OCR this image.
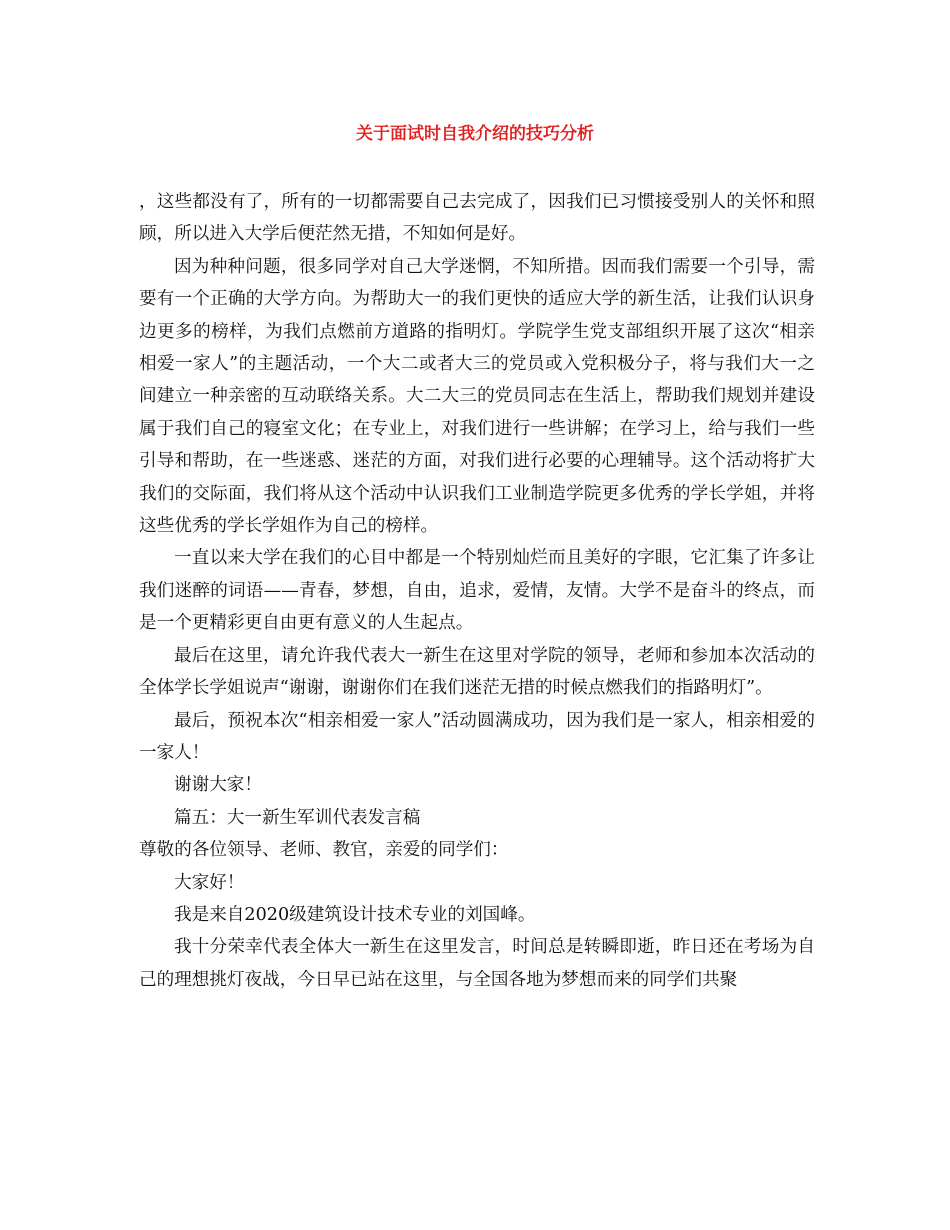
关于面试时自我介绍的技巧分析

，这些都没有了，所有的一切都需要自己去完成了，因我们已习惯接受别人的关怀和照顾，所以进入大学后便茫然无措，不知如何是好。

因为种种问题，很多同学对自己大学迷惘，不知所措。因而我们需要一个引导，需要有一个正确的大学方向。为帮助大一的我们更快的适应大学的新生活，让我们认识身边更多的榜样，为我们点燃前方道路的指明灯。学院学生党支部组织开展了这次“相亲相爱一家人”的主题活动，一个大二或者大三的党员或入党积极分子，将与我们大一之间建立一种亲密的互动联络关系。大二大三的党员同志在生活上，帮助我们规划并建设属于我们自己的寝室文化；在专业上，对我们进行一些讲解；在学习上，给与我们一些引导和帮助，在一些迷惑、迷茫的方面，对我们进行必要的心理辅导。这个活动将扩大我们的交际面，我们将从这个活动中认识我们工业制造学院更多优秀的学长学姐，并将这些优秀的学长学姐作为自己的榜样。

一直以来大学在我们的心目中都是一个特别灿烂而且美好的字眼，它汇集了许多让我们迷醉的词语——青春，梦想，自由，追求，爱情，友情。大学不是奋斗的终点，而是一个更精彩更自由更有意义的人生起点。

最后在这里，请允许我代表大一新生在这里对学院的领导，老师和参加本次活动的全体学长学姐说声“谢谢，谢谢你们在我们迷茫无措的时候点燃我们的指路明灯”。

最后，预祝本次“相亲相爱一家人”活动圆满成功，因为我们是一家人，相亲相爱的一家人！

谢谢大家！

篇五：大一新生军训代表发言稿

尊敬的各位领导、老师、教官，亲爱的同学们：

大家好！

我是来自2020级建筑设计技术专业的刘国峰。

我十分荣幸代表全体大一新生在这里发言，时间总是转瞬即逝，昨日还在考场为自己的理想挑灯夜战，今日早已站在这里，与全国各地为梦想而来的同学们共聚
